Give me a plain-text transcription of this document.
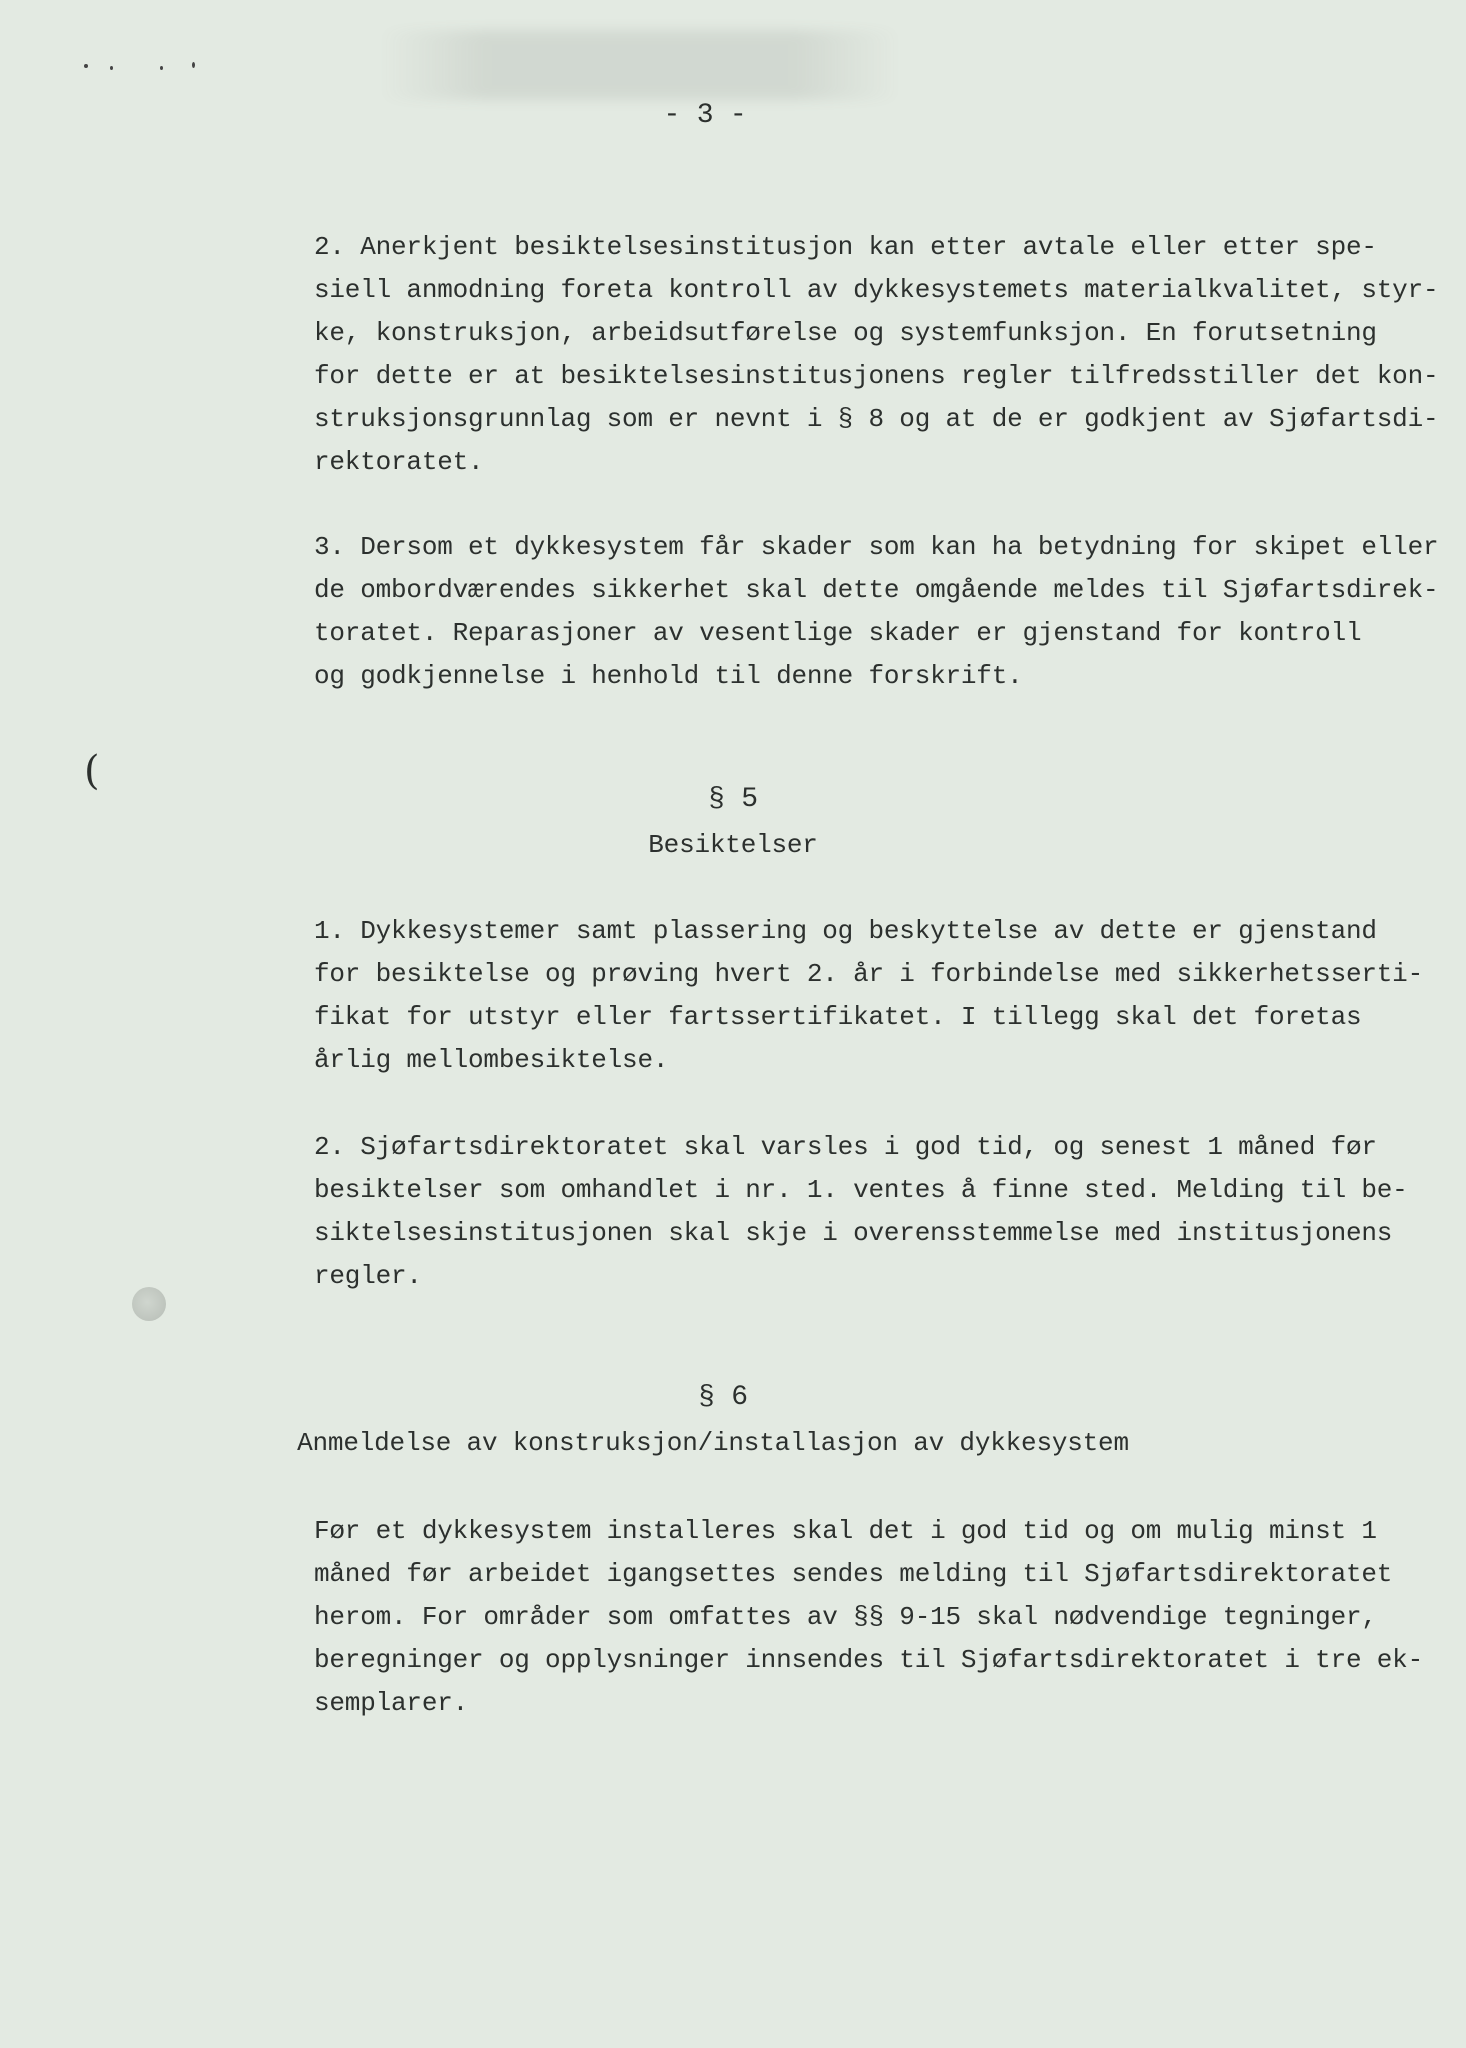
- 3 -

2. Anerkjent besiktelsesinstitusjon kan etter avtale eller etter spe-
siell anmodning foreta kontroll av dykkesystemets materialkvalitet, styr-
ke, konstruksjon, arbeidsutførelse og systemfunksjon. En forutsetning
for dette er at besiktelsesinstitusjonens regler tilfredsstiller det kon-
struksjonsgrunnlag som er nevnt i § 8 og at de er godkjent av Sjøfartsdi-
rektoratet.
3. Dersom et dykkesystem får skader som kan ha betydning for skipet eller
de ombordværendes sikkerhet skal dette omgående meldes til Sjøfartsdirek-
toratet. Reparasjoner av vesentlige skader er gjenstand for kontroll
og godkjennelse i henhold til denne forskrift.
(

§ 5

Besiktelser

1. Dykkesystemer samt plassering og beskyttelse av dette er gjenstand
for besiktelse og prøving hvert 2. år i forbindelse med sikkerhetsserti-
fikat for utstyr eller fartssertifikatet. I tillegg skal det foretas
årlig mellombesiktelse.
2. Sjøfartsdirektoratet skal varsles i god tid, og senest 1 måned før
besiktelser som omhandlet i nr. 1. ventes å finne sted. Melding til be-
siktelsesinstitusjonen skal skje i overensstemmelse med institusjonens
regler.

§ 6

Anmeldelse av konstruksjon/installasjon av dykkesystem

Før et dykkesystem installeres skal det i god tid og om mulig minst 1
måned før arbeidet igangsettes sendes melding til Sjøfartsdirektoratet
herom. For områder som omfattes av §§ 9-15 skal nødvendige tegninger,
beregninger og opplysninger innsendes til Sjøfartsdirektoratet i tre ek-
semplarer.
